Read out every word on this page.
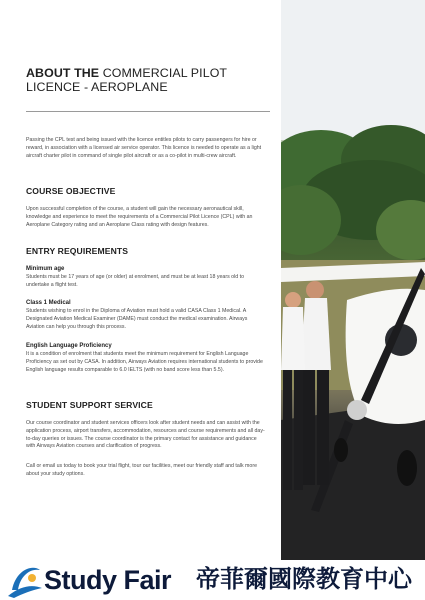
ABOUT THE COMMERCIAL PILOT
LICENCE - AEROPLANE

Passing the CPL test and being issued with the licence entitles pilots to carry passengers for hire or reward, in association with a licensed air service operator. This licence is needed to operate as a light aircraft charter pilot in command of single pilot aircraft or as a co-pilot in multi-crew aircraft.

COURSE OBJECTIVE

Upon successful completion of the course, a student will gain the necessary aeronautical skill, knowledge and experience to meet the requirements of a Commercial Pilot Licence (CPL) with an Aeroplane Category rating and an Aeroplane Class rating with design features.

ENTRY REQUIREMENTS
Minimum age

Students must be 17 years of age (or older) at enrolment, and must be at least 18 years old to undertake a flight test.

Class 1 Medical

Students wishing to enrol in the Diploma of Aviation must hold a valid CASA Class 1 Medical. A Designated Aviation Medical Examiner (DAME) must conduct the medical examination. Airways Aviation can help you through this process.

English Language Proficiency

It is a condition of enrolment that students meet the minimum requirement for English Language Proficiency as set out by CASA. In addition, Airways Aviation requires international students to provide English language results comparable to 6.0 IELTS (with no band score less than 5.5).

STUDENT SUPPORT SERVICE

Our course coordinator and student services officers look after student needs and can assist with the application process, airport transfers, accommodation, resources and course requirements and all day-to-day queries or issues. The course coordinator is the primary contact for assistance and guidance with Airways Aviation courses and clarification of progress.

Call or email us today to book your trial flight, tour our facilities, meet our friendly staff and talk more about your study options.

Study Fair 帝菲爾國際教育中心
